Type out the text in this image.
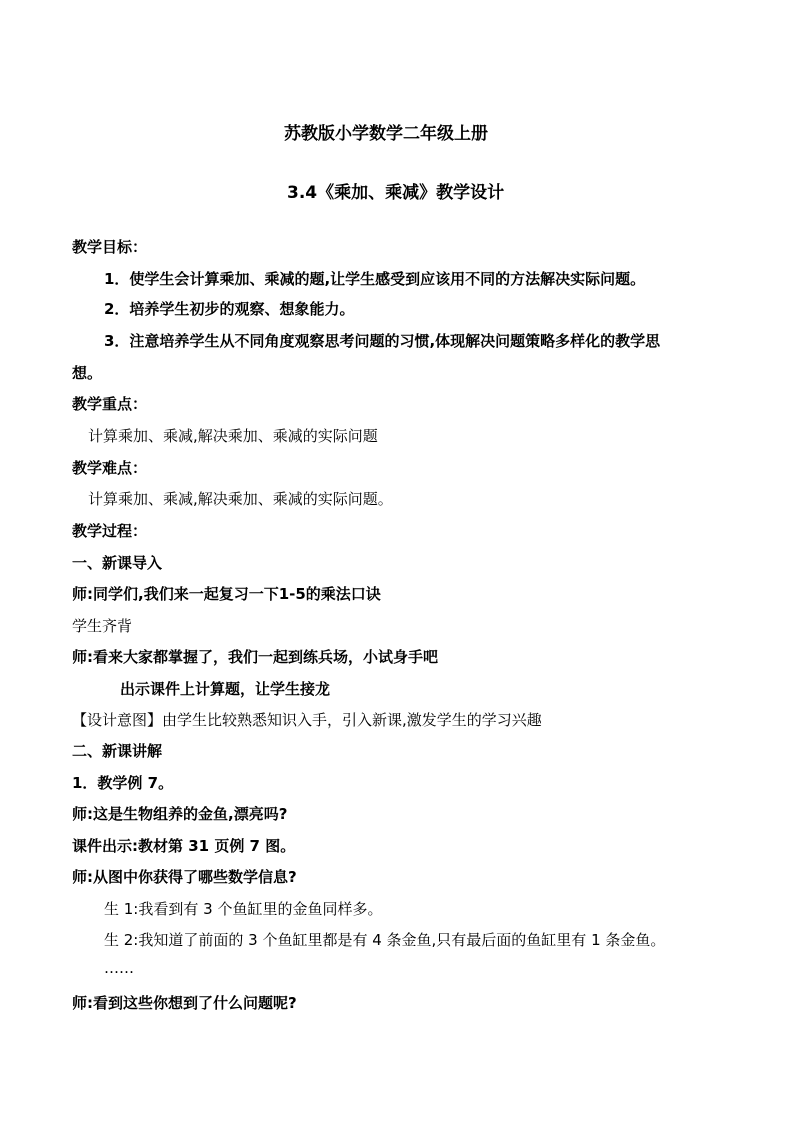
苏教版小学数学二年级上册
3.4《乘加、乘减》教学设计
教学目标：
1．使学生会计算乘加、乘减的题,让学生感受到应该用不同的方法解决实际问题。
2．培养学生初步的观察、想象能力。
3．注意培养学生从不同角度观察思考问题的习惯,体现解决问题策略多样化的教学思
想。
教学重点：
计算乘加、乘减,解决乘加、乘减的实际问题
教学难点：
计算乘加、乘减,解决乘加、乘减的实际问题。
教学过程：
一、新课导入
师:同学们,我们来一起复习一下1-5的乘法口诀
学生齐背
师:看来大家都掌握了，我们一起到练兵场，小试身手吧
出示课件上计算题，让学生接龙
【设计意图】由学生比较熟悉知识入手，引入新课,激发学生的学习兴趣
二、新课讲解
1．教学例 7。
师:这是生物组养的金鱼,漂亮吗?
课件出示:教材第 31 页例 7 图。
师:从图中你获得了哪些数学信息?
生 1:我看到有 3 个鱼缸里的金鱼同样多。
生 2:我知道了前面的 3 个鱼缸里都是有 4 条金鱼,只有最后面的鱼缸里有 1 条金鱼。
……
师:看到这些你想到了什么问题呢?
